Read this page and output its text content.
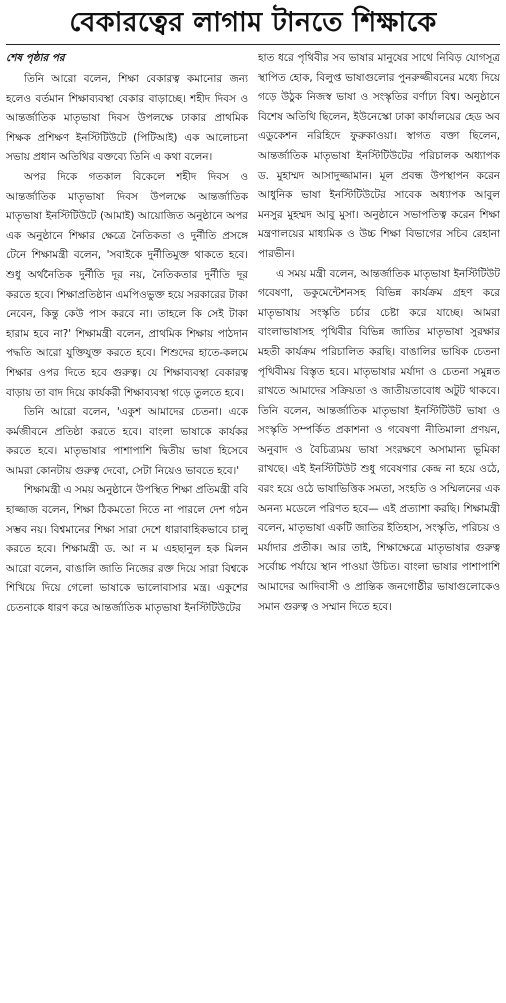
বেকারত্বের লাগাম টানতে শিক্ষাকে
শেষ পৃষ্ঠার পর

তিনি আরো বলেন, শিক্ষা বেকারত্ব কমানোর জন্য হলেও বর্তমান শিক্ষাব্যবস্থা বেকার বাড়াচ্ছে। শহীদ দিবস ও আন্তর্জাতিক মাতৃভাষা দিবস উপলক্ষে ঢাকার প্রাথমিক শিক্ষক প্রশিক্ষণ ইনস্টিটিউটে (পিটিআই) এক আলোচনা সভায় প্রধান অতিথির বক্তব্যে তিনি এ কথা বলেন।

অপর দিকে গতকাল বিকেলে শহীদ দিবস ও আন্তর্জাতিক মাতৃভাষা দিবস উপলক্ষে আন্তর্জাতিক মাতৃভাষা ইনস্টিটিউটে (আমাই) আয়োজিত অনুষ্ঠানে অপর এক অনুষ্ঠানে শিক্ষার ক্ষেত্রে নৈতিকতা ও দুর্নীতি প্রসঙ্গে টেনে শিক্ষামন্ত্রী বলেন, 'সবাইকে দুর্নীতিমুক্ত থাকতে হবে। শুধু অর্থনৈতিক দুর্নীতি দূর নয়, নৈতিকতার দুর্নীতি দূর করতে হবে। শিক্ষাপ্রতিষ্ঠান এমপিওভুক্ত হয়ে সরকারের টাকা নেবেন, কিন্তু কেউ পাস করবে না। তাহলে কি সেই টাকা হারাম হবে না?' শিক্ষামন্ত্রী বলেন, প্রাথমিক শিক্ষায় পাঠদান পদ্ধতি আরো যুক্তিযুক্ত করতে হবে। শিশুদের হাতে-কলমে শিক্ষার ওপর দিতে হবে গুরুত্ব। যে শিক্ষাব্যবস্থা বেকারত্ব বাড়ায় তা বাদ দিয়ে কার্যকরী শিক্ষাব্যবস্থা গড়ে তুলতে হবে।

তিনি আরো বলেন, 'একুশ আমাদের চেতনা। একে কর্মজীবনে প্রতিষ্ঠা করতে হবে। বাংলা ভাষাকে কার্যকর করতে হবে। মাতৃভাষার পাশাপাশি দ্বিতীয় ভাষা হিসেবে আমরা কোনটায় গুরুত্ব দেবো, সেটা নিয়েও ভাবতে হবে।'

শিক্ষামন্ত্রী এ সময় অনুষ্ঠানে উপস্থিত শিক্ষা প্রতিমন্ত্রী ববি হাজ্জাজ বলেন, শিক্ষা ঠিকমতো দিতে না পারলে দেশ গঠন সম্ভব নয়। বিশ্বমানের শিক্ষা সারা দেশে ধারাবাহিকভাবে চালু করতে হবে। শিক্ষামন্ত্রী ড. আ ন ম এহছানুল হক মিলন আরো বলেন, বাঙালি জাতি নিজের রক্ত দিয়ে সারা বিশ্বকে শিখিয়ে দিয়ে গেলো ভাষাকে ভালোবাসার মন্ত্র। একুশের চেতনাকে ধারণ করে আন্তর্জাতিক মাতৃভাষা ইনস্টিটিউটের

হাত ধরে পৃথিবীর সব ভাষার মানুষের সাথে নিবিড় যোগসূত্র স্থাপিত হোক, বিলুপ্ত ভাষাগুলোর পুনরুজ্জীবনের মধ্যে দিয়ে গড়ে উঠুক নিজস্ব ভাষা ও সংস্কৃতির বর্ণাঢ্য বিশ্ব। অনুষ্ঠানে বিশেষ অতিথি ছিলেন, ইউনেস্কো ঢাকা কার্যালয়ের হেড অব এডুকেশন নরিহিদে ফুরুকাওয়া। স্বাগত বক্তা ছিলেন, আন্তর্জাতিক মাতৃভাষা ইনস্টিটিউটের পরিচালক অধ্যাপক ড. মুহাম্মদ আসাদুজ্জামান। মূল প্রবন্ধ উপস্থাপন করেন আধুনিক ভাষা ইনস্টিটিউটের সাবেক অধ্যাপক আবুল মনসুর মুহম্মদ আবু মুসা। অনুষ্ঠানে সভাপতিত্ব করেন শিক্ষা মন্ত্রণালয়ের মাধ্যমিক ও উচ্চ শিক্ষা বিভাগের সচিব রেহানা পারভীন।

এ সময় মন্ত্রী বলেন, আন্তর্জাতিক মাতৃভাষা ইনস্টিটিউট গবেষণা, ডকুমেন্টেশনসহ বিভিন্ন কার্যক্রম গ্রহণ করে মাতৃভাষায় সংস্কৃতি চর্চার চেষ্টা করে যাচ্ছে। আমরা বাংলাভাষাসহ পৃথিবীর বিভিন্ন জাতির মাতৃভাষা সুরক্ষার মহতী কার্যক্রম পরিচালিত করছি। বাঙালির ভাষিক চেতনা পৃথিবীময় বিস্তৃত হবে। মাতৃভাষার মর্যাদা ও চেতনা সমুন্নত রাখতে আমাদের সক্রিয়তা ও জাতীয়তাবোধ অটুট থাকবে। তিনি বলেন, আন্তর্জাতিক মাতৃভাষা ইনস্টিটিউট ভাষা ও সংস্কৃতি সম্পর্কিত প্রকাশনা ও গবেষণা নীতিমালা প্রণয়ন, অনুবাদ ও বৈচিত্র্যময় ভাষা সংরক্ষণে অসামান্য ভূমিকা রাখছে। এই ইনস্টিটিউট শুধু গবেষণার কেন্দ্র না হয়ে ওঠে, বরং হয়ে ওঠে ভাষাভিত্তিক সমতা, সংহতি ও সম্মিলনের এক অনন্য মডেলে পরিণত হবে— এই প্রত্যাশা করছি। শিক্ষামন্ত্রী বলেন, মাতৃভাষা একটি জাতির ইতিহাস, সংস্কৃতি, পরিচয় ও মর্যাদার প্রতীক। আর তাই, শিক্ষাক্ষেত্রে মাতৃভাষার গুরুত্ব সর্বোচ্চ পর্যায়ে স্থান পাওয়া উচিত। বাংলা ভাষার পাশাপাশি আমাদের আদিবাসী ও প্রান্তিক জনগোষ্ঠীর ভাষাগুলোকেও সমান গুরুত্ব ও সম্মান দিতে হবে।
